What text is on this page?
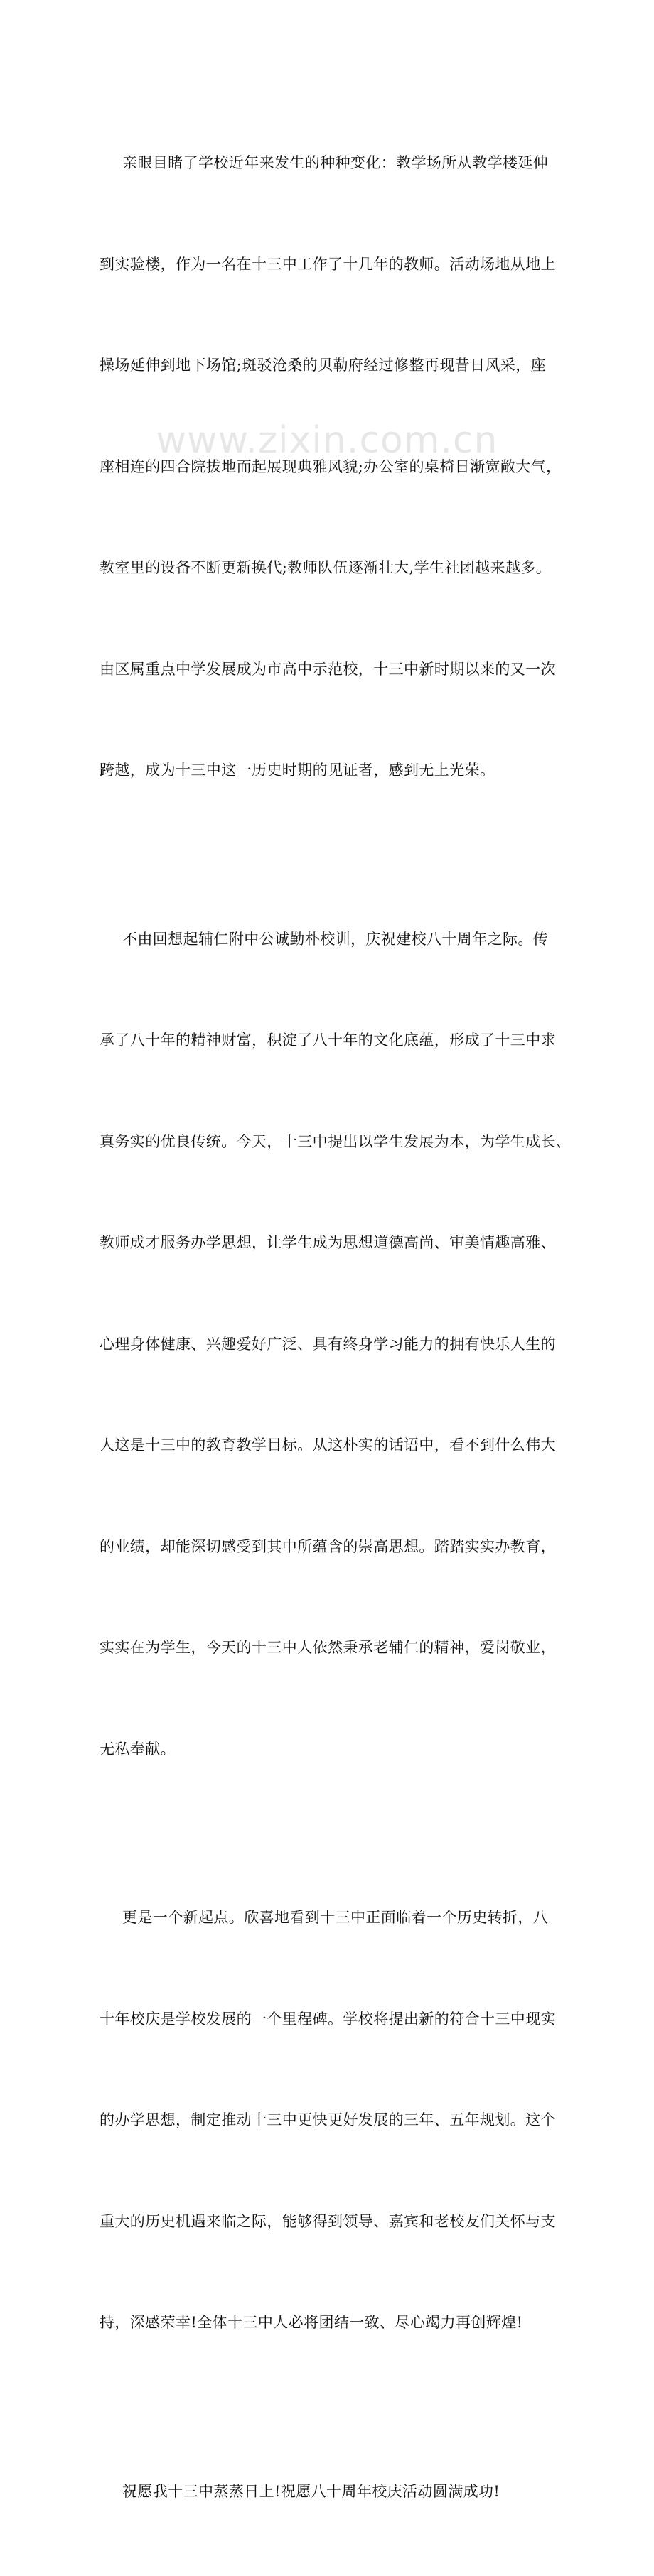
www.zixin.com.cn

亲眼目睹了学校近年来发生的种种变化：教学场所从教学楼延伸

到实验楼，作为一名在十三中工作了十几年的教师。活动场地从地上

操场延伸到地下场馆;斑驳沧桑的贝勒府经过修整再现昔日风采，座

座相连的四合院拔地而起展现典雅风貌;办公室的桌椅日渐宽敞大气，

教室里的设备不断更新换代;教师队伍逐渐壮大,学生社团越来越多。

由区属重点中学发展成为市高中示范校，十三中新时期以来的又一次

跨越，成为十三中这一历史时期的见证者，感到无上光荣。

不由回想起辅仁附中公诚勤朴校训，庆祝建校八十周年之际。传

承了八十年的精神财富，积淀了八十年的文化底蕴，形成了十三中求

真务实的优良传统。今天，十三中提出以学生发展为本，为学生成长、

教师成才服务办学思想，让学生成为思想道德高尚、审美情趣高雅、

心理身体健康、兴趣爱好广泛、具有终身学习能力的拥有快乐人生的

人这是十三中的教育教学目标。从这朴实的话语中，看不到什么伟大

的业绩，却能深切感受到其中所蕴含的崇高思想。踏踏实实办教育，

实实在为学生，今天的十三中人依然秉承老辅仁的精神，爱岗敬业，

无私奉献。

更是一个新起点。欣喜地看到十三中正面临着一个历史转折，八

十年校庆是学校发展的一个里程碑。学校将提出新的符合十三中现实

的办学思想，制定推动十三中更快更好发展的三年、五年规划。这个

重大的历史机遇来临之际，能够得到领导、嘉宾和老校友们关怀与支

持，深感荣幸!全体十三中人必将团结一致、尽心竭力再创辉煌!

祝愿我十三中蒸蒸日上!祝愿八十周年校庆活动圆满成功!
